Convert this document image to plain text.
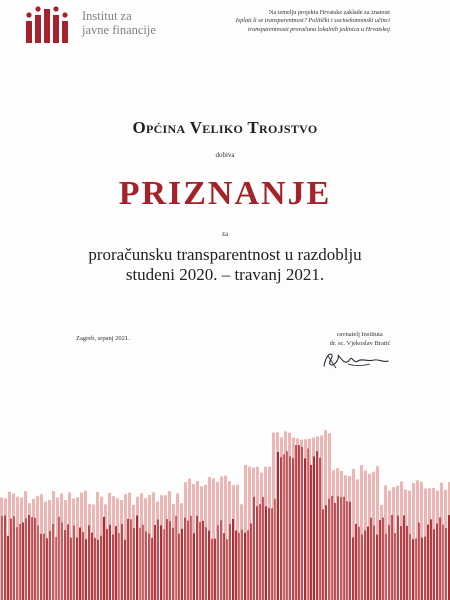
Institut za
javne financije
Na temelju projekta Hrvatske zaklade za znanost
Isplati li se transparentnost? Politički i socioekonomski učinci
transparentnosti proračuna lokalnih jedinica u Hrvatskoj
Općina Veliko Trojstvo
dobiva
PRIZNANJE
za
proračunsku transparentnost u razdoblju
studeni 2020. – travanj 2021.
Zagreb, srpanj 2021.
ravnatelj Instituta
dr. sc. Vjekoslav Bratić
